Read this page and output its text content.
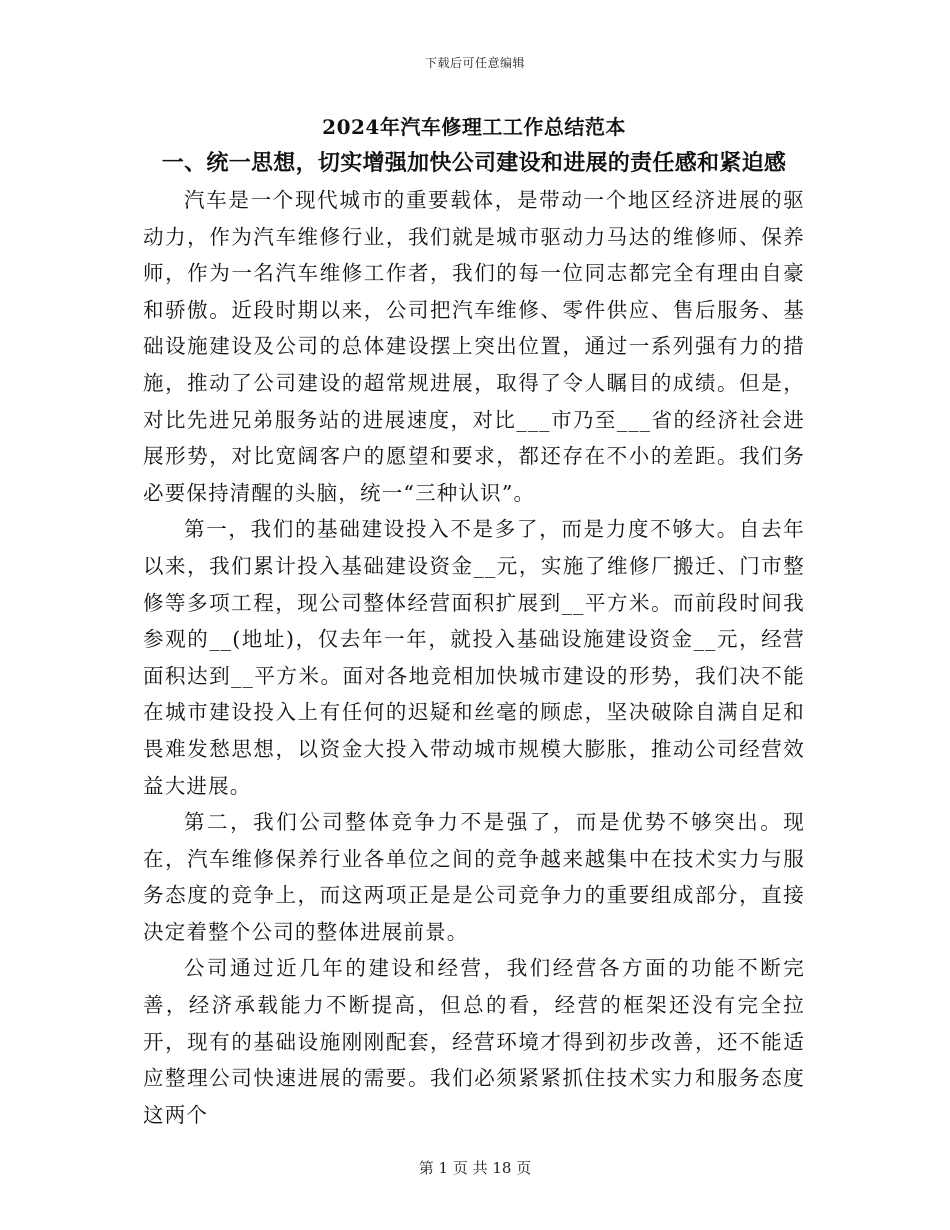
下载后可任意编辑
2024年汽车修理工工作总结范本
一、统一思想，切实增强加快公司建设和进展的责任感和紧迫感

汽车是一个现代城市的重要载体，是带动一个地区经济进展的驱动力，作为汽车维修行业，我们就是城市驱动力马达的维修师、保养师，作为一名汽车维修工作者，我们的每一位同志都完全有理由自豪和骄傲。近段时期以来，公司把汽车维修、零件供应、售后服务、基础设施建设及公司的总体建设摆上突出位置，通过一系列强有力的措施，推动了公司建设的超常规进展，取得了令人瞩目的成绩。但是，对比先进兄弟服务站的进展速度，对比___市乃至___省的经济社会进展形势，对比宽阔客户的愿望和要求，都还存在不小的差距。我们务必要保持清醒的头脑，统一“三种认识”。

第一，我们的基础建设投入不是多了，而是力度不够大。自去年以来，我们累计投入基础建设资金__元，实施了维修厂搬迁、门市整修等多项工程，现公司整体经营面积扩展到__平方米。而前段时间我参观的__(地址)，仅去年一年，就投入基础设施建设资金__元，经营面积达到__平方米。面对各地竞相加快城市建设的形势，我们决不能在城市建设投入上有任何的迟疑和丝毫的顾虑，坚决破除自满自足和畏难发愁思想，以资金大投入带动城市规模大膨胀，推动公司经营效益大进展。

第二，我们公司整体竞争力不是强了，而是优势不够突出。现在，汽车维修保养行业各单位之间的竞争越来越集中在技术实力与服务态度的竞争上，而这两项正是是公司竞争力的重要组成部分，直接决定着整个公司的整体进展前景。

公司通过近几年的建设和经营，我们经营各方面的功能不断完善，经济承载能力不断提高，但总的看，经营的框架还没有完全拉开，现有的基础设施刚刚配套，经营环境才得到初步改善，还不能适应整理公司快速进展的需要。我们必须紧紧抓住技术实力和服务态度这两个

第 1 页 共 18 页
